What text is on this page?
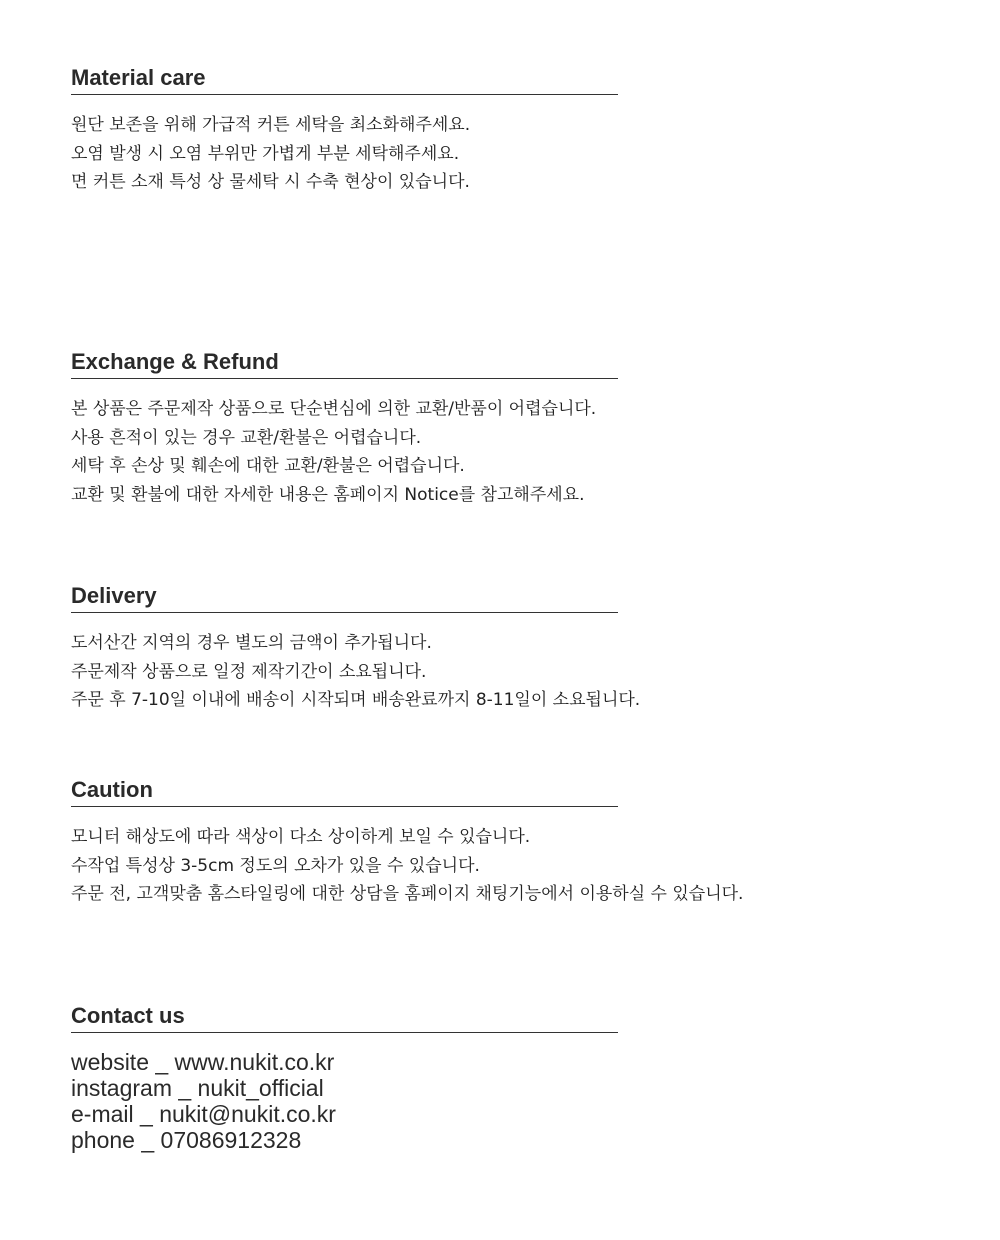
Material care
원단 보존을 위해 가급적 커튼 세탁을 최소화해주세요.
오염 발생 시 오염 부위만 가볍게 부분 세탁해주세요.
면 커튼 소재 특성 상 물세탁 시 수축 현상이 있습니다.
Exchange & Refund
본 상품은 주문제작 상품으로 단순변심에 의한 교환/반품이 어렵습니다.
사용 흔적이 있는 경우 교환/환불은 어렵습니다.
세탁 후 손상 및 훼손에 대한 교환/환불은 어렵습니다.
교환 및 환불에 대한 자세한 내용은 홈페이지 Notice를 참고해주세요.
Delivery
도서산간 지역의 경우 별도의 금액이 추가됩니다.
주문제작 상품으로 일정 제작기간이 소요됩니다.
주문 후 7-10일 이내에 배송이 시작되며 배송완료까지 8-11일이 소요됩니다.
Caution
모니터 해상도에 따라 색상이 다소 상이하게 보일 수 있습니다.
수작업 특성상 3-5cm 정도의 오차가 있을 수 있습니다.
주문 전, 고객맞춤 홈스타일링에 대한 상담을 홈페이지 채팅기능에서 이용하실 수 있습니다.
Contact us
website _ www.nukit.co.kr
instagram _ nukit_official
e-mail _ nukit@nukit.co.kr
phone _ 07086912328
